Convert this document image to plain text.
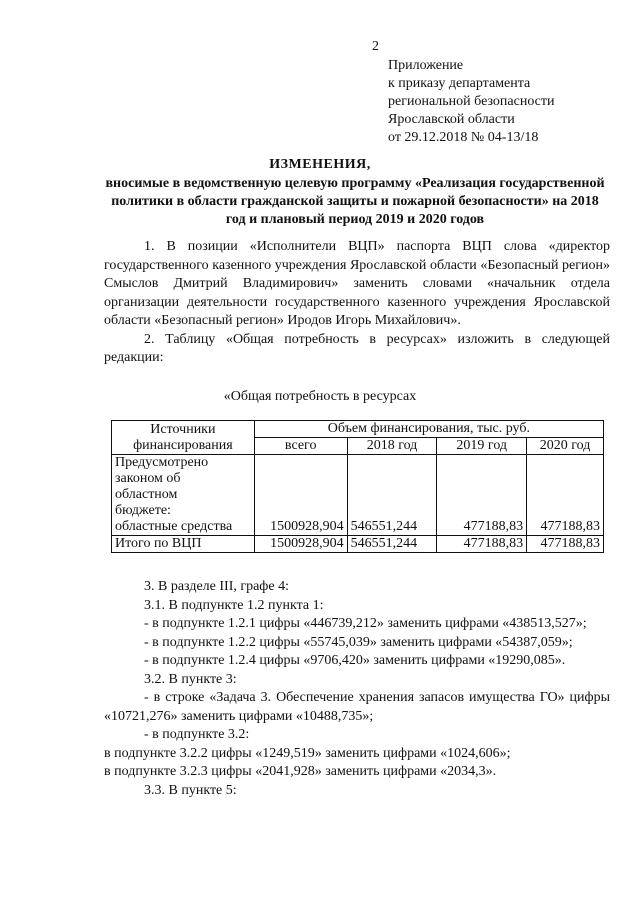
2
Приложение
к приказу департамента
региональной безопасности
Ярославской области
от 29.12.2018 № 04-13/18
ИЗМЕНЕНИЯ,
вносимые в ведомственную целевую программу «Реализация государственной политики в области гражданской защиты и пожарной безопасности» на 2018 год и плановый период 2019 и 2020 годов

1. В позиции «Исполнители ВЦП» паспорта ВЦП слова «директор государственного казенного учреждения Ярославской области «Безопасный регион» Смыслов Дмитрий Владимирович» заменить словами «начальник отдела организации деятельности государственного казенного учреждения Ярославской области «Безопасный регион» Иродов Игорь Михайлович».

2. Таблицу «Общая потребность в ресурсах» изложить в следующей редакции:

«Общая потребность в ресурсах
Источники финансирования	Объем финансирования, тыс. руб.			
	всего	2018 год	2019 год	2020 год

Предусмотрено законом об областном бюджете:
областные средства	1500928,904	546551,244	477188,83	477188,83
Итого по ВЦП	1500928,904	546551,244	477188,83	477188,83

3. В разделе III, графе 4:

3.1. В подпункте 1.2 пункта 1:

- в подпункте 1.2.1 цифры «446739,212» заменить цифрами «438513,527»;

- в подпункте 1.2.2 цифры «55745,039» заменить цифрами «54387,059»;

- в подпункте 1.2.4 цифры «9706,420» заменить цифрами «19290,085».

3.2. В пункте 3:

- в строке «Задача 3. Обеспечение хранения запасов имущества ГО» цифры «10721,276» заменить цифрами «10488,735»;

- в подпункте 3.2:

в подпункте 3.2.2 цифры «1249,519» заменить цифрами «1024,606»;

в подпункте 3.2.3 цифры «2041,928» заменить цифрами «2034,3».

3.3. В пункте 5:
